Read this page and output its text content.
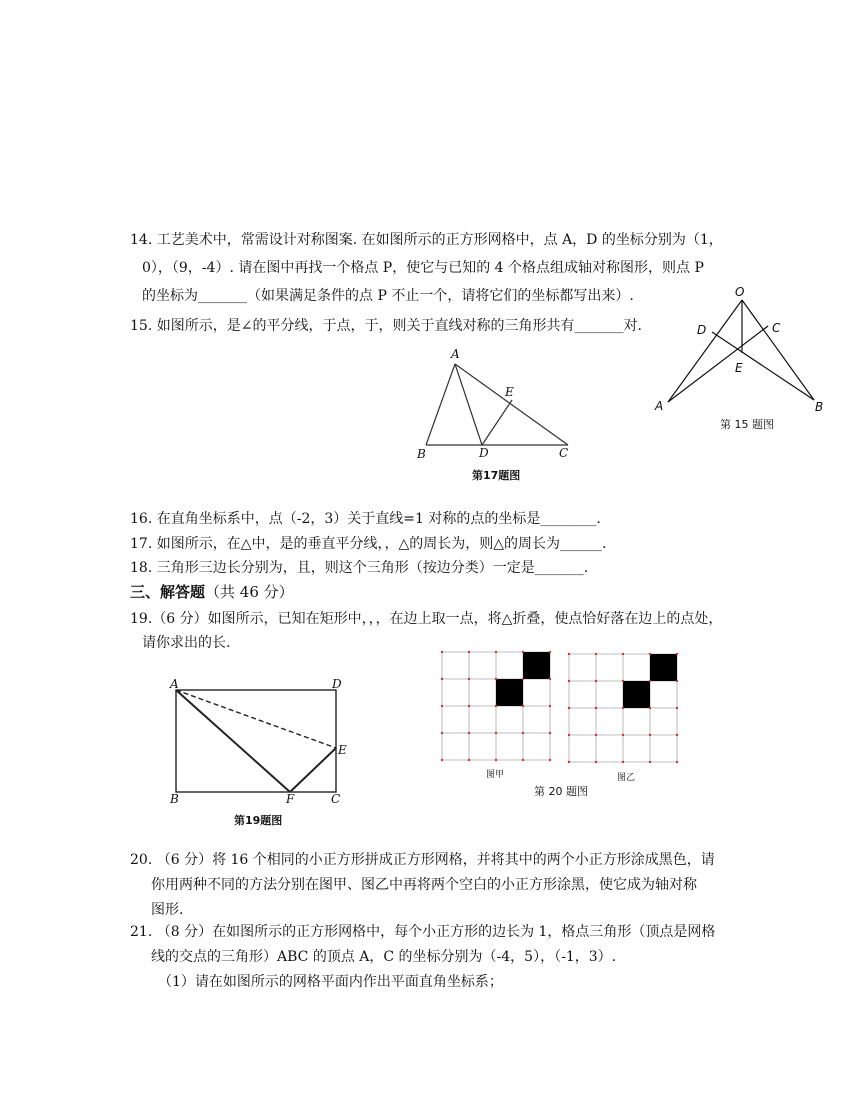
14. 工艺美术中，常需设计对称图案. 在如图所示的正方形网格中，点 A，D 的坐标分别为（1，
0），（9，-4）. 请在图中再找一个格点 P，使它与已知的 4 个格点组成轴对称图形，则点 P
的坐标为_______（如果满足条件的点 P 不止一个，请将它们的坐标都写出来）.
15. 如图所示，是∠的平分线，于点，于，则关于直线对称的三角形共有_______对.
O
D	C
E
A	B
第 15 题图
A
E
B	D	C
第17题图
16. 在直角坐标系中，点（-2，3）关于直线=1 对称的点的坐标是________.
17. 如图所示，在△中，是的垂直平分线，，△的周长为，则△的周长为______.
18. 三角形三边长分别为，且，则这个三角形（按边分类）一定是_______.
三、解答题（共 46 分）
19.（6 分）如图所示，已知在矩形中，，，在边上取一点，将△折叠，使点恰好落在边上的点处，
请你求出的长.
A	D
E
B	F	C
第19题图
图甲	图乙
第 20 题图
20. （6 分）将 16 个相同的小正方形拼成正方形网格，并将其中的两个小正方形涂成黑色，请
你用两种不同的方法分别在图甲、图乙中再将两个空白的小正方形涂黑，使它成为轴对称
图形.
21. （8 分）在如图所示的正方形网格中，每个小正方形的边长为 1，格点三角形（顶点是网格
线的交点的三角形）ABC 的顶点 A，C 的坐标分别为（-4，5），（-1，3）.
（1）请在如图所示的网格平面内作出平面直角坐标系；
